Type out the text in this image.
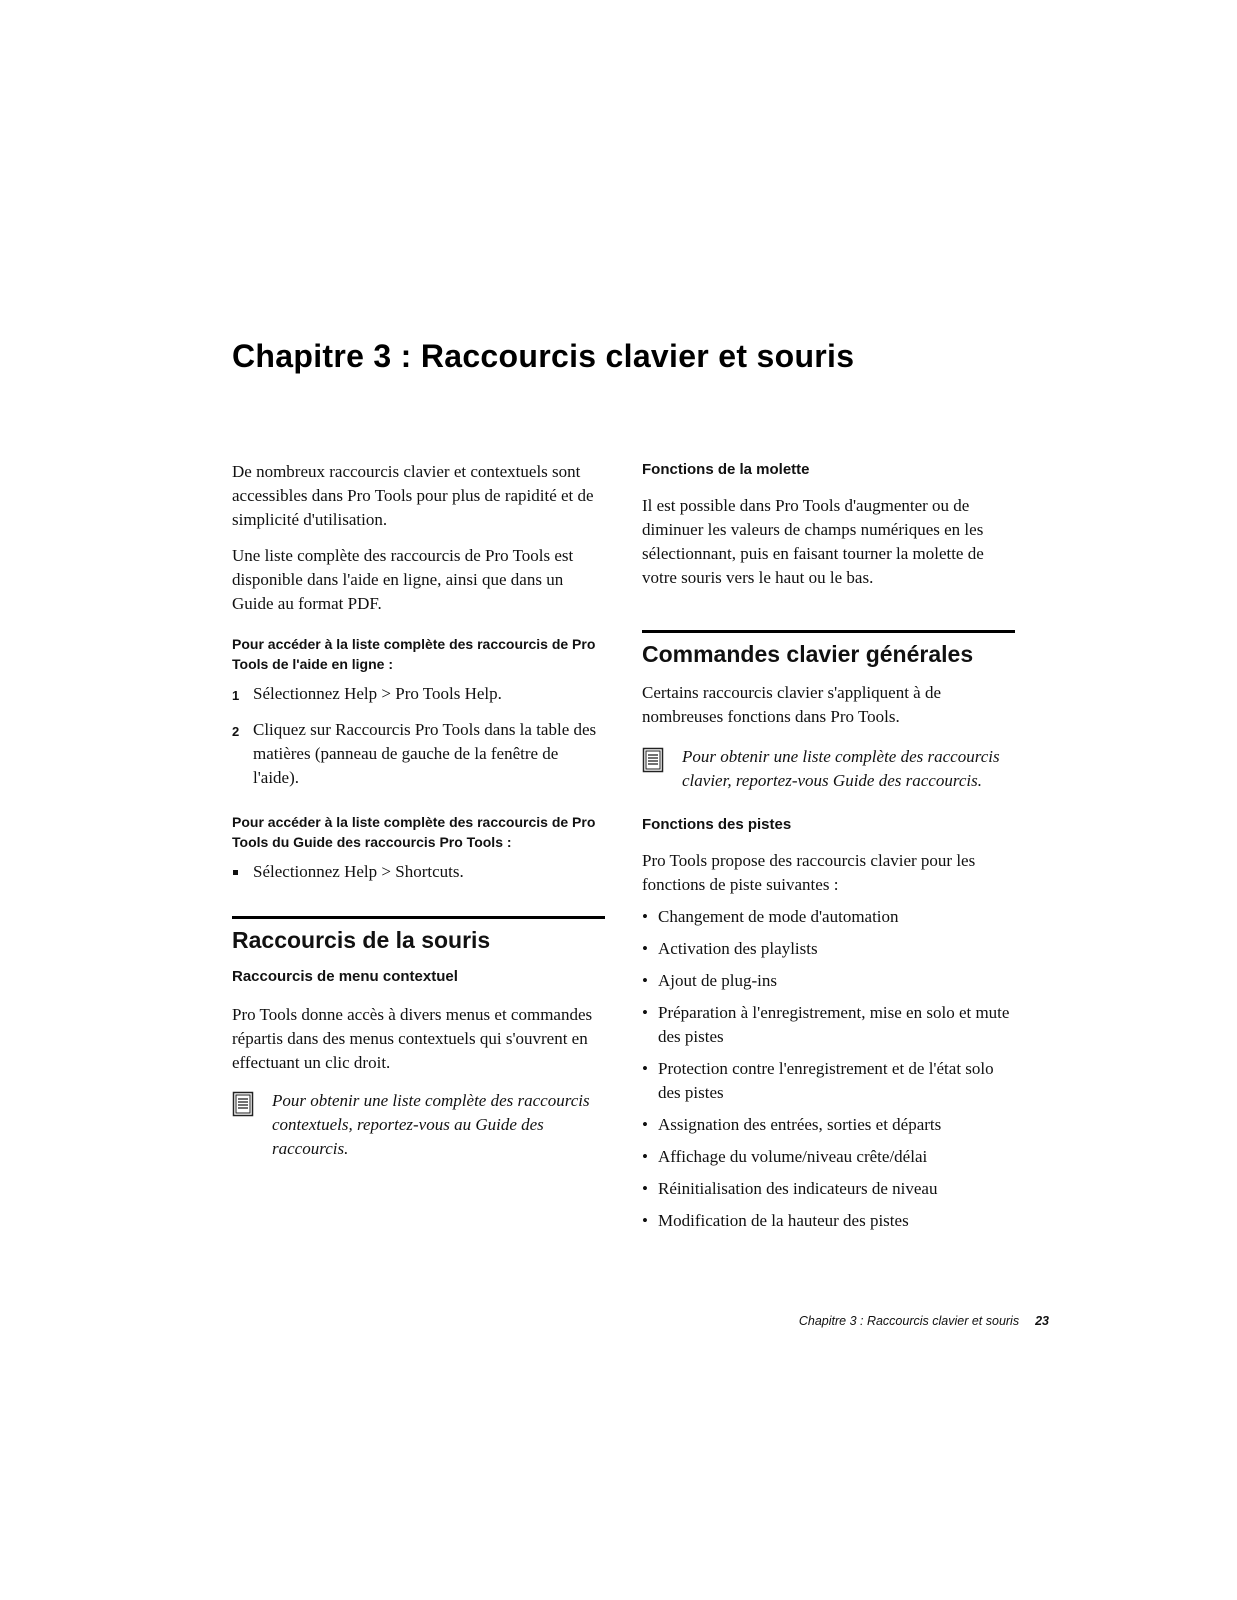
Chapitre 3 : Raccourcis clavier et souris

De nombreux raccourcis clavier et contextuels sont accessibles dans Pro Tools pour plus de rapidité et de simplicité d'utilisation.

Une liste complète des raccourcis de Pro Tools est disponible dans l'aide en ligne, ainsi que dans un Guide au format PDF.

Pour accéder à la liste complète des raccourcis de Pro Tools de l'aide en ligne :
1 Sélectionnez Help > Pro Tools Help.
2 Cliquez sur Raccourcis Pro Tools dans la table des matières (panneau de gauche de la fenêtre de l'aide).
Pour accéder à la liste complète des raccourcis de Pro Tools du Guide des raccourcis Pro Tools :
Sélectionnez Help > Shortcuts.
Raccourcis de la souris
Raccourcis de menu contextuel

Pro Tools donne accès à divers menus et commandes répartis dans des menus contextuels qui s'ouvrent en effectuant un clic droit.

Pour obtenir une liste complète des raccourcis contextuels, reportez-vous au Guide des raccourcis.
Fonctions de la molette

Il est possible dans Pro Tools d'augmenter ou de diminuer les valeurs de champs numériques en les sélectionnant, puis en faisant tourner la molette de votre souris vers le haut ou le bas.

Commandes clavier générales

Certains raccourcis clavier s'appliquent à de nombreuses fonctions dans Pro Tools.

Pour obtenir une liste complète des raccourcis clavier, reportez-vous Guide des raccourcis.
Fonctions des pistes

Pro Tools propose des raccourcis clavier pour les fonctions de piste suivantes :

• Changement de mode d'automation
• Activation des playlists
• Ajout de plug-ins
• Préparation à l'enregistrement, mise en solo et mute des pistes
• Protection contre l'enregistrement et de l'état solo des pistes
• Assignation des entrées, sorties et départs
• Affichage du volume/niveau crête/délai
• Réinitialisation des indicateurs de niveau
• Modification de la hauteur des pistes
Chapitre 3 : Raccourcis clavier et souris 23
